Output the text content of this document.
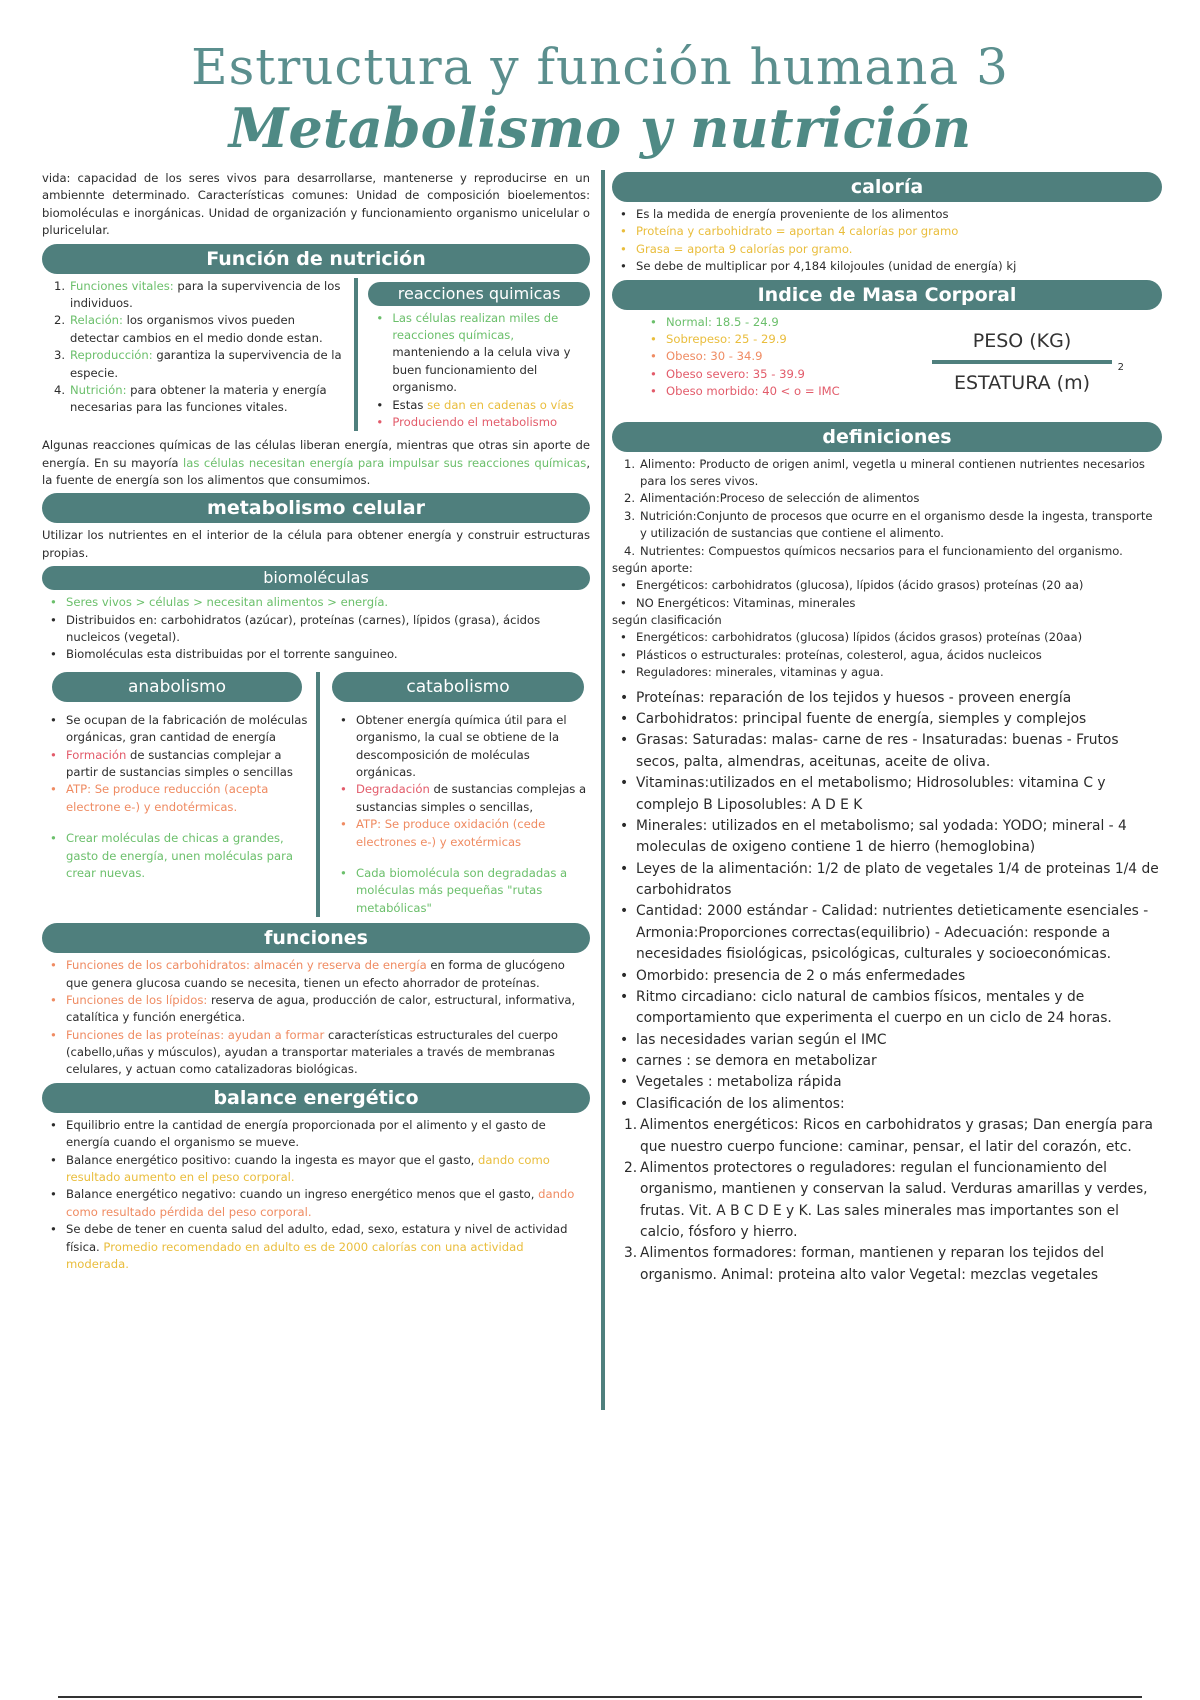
Estructura y función humana 3
Metabolismo y nutrición

vida: capacidad de los seres vivos para desarrollarse, mantenerse y reproducirse en un ambiennte determinado. Características comunes: Unidad de composición bioelementos: biomoléculas e inorgánicas. Unidad de organización y funcionamiento organismo unicelular o pluricelular.

Función de nutrición
1. Funciones vitales: para la supervivencia de los individuos.
2. Relación: los organismos vivos pueden detectar cambios en el medio donde estan.
3. Reproducción: garantiza la supervivencia de la especie.
4. Nutrición: para obtener la materia y energía necesarias para las funciones vitales.
reacciones quimicas
• Las células realizan miles de reacciones químicas, manteniendo a la celula viva y buen funcionamiento del organismo.
• Estas se dan en cadenas o vías
• Produciendo el metabolismo

Algunas reacciones químicas de las células liberan energía, mientras que otras sin aporte de energía. En su mayoría las células necesitan energía para impulsar sus reacciones químicas, la fuente de energía son los alimentos que consumimos.

metabolismo celular

Utilizar los nutrientes en el interior de la célula para obtener energía y construir estructuras propias.

biomoléculas
• Seres vivos > células > necesitan alimentos > energía.
• Distribuidos en: carbohidratos (azúcar), proteínas (carnes), lípidos (grasa), ácidos nucleicos (vegetal).
• Biomoléculas esta distribuidas por el torrente sanguineo.
anabolismo
• Se ocupan de la fabricación de moléculas orgánicas, gran cantidad de energía
• Formación de sustancias complejar a partir de sustancias simples o sencillas
• ATP: Se produce reducción (acepta electrone e-) y endotérmicas.
• Crear moléculas de chicas a grandes, gasto de energía, unen moléculas para crear nuevas.
catabolismo
• Obtener energía química útil para el organismo, la cual se obtiene de la descomposición de moléculas orgánicas.
• Degradación de sustancias complejas a sustancias simples o sencillas,
• ATP: Se produce oxidación (cede electrones e-) y exotérmicas
• Cada biomolécula son degradadas a moléculas más pequeñas "rutas metabólicas"
funciones
• Funciones de los carbohidratos: almacén y reserva de energía en forma de glucógeno que genera glucosa cuando se necesita, tienen un efecto ahorrador de proteínas.
• Funciones de los lípidos: reserva de agua, producción de calor, estructural, informativa, catalítica y función energética.
• Funciones de las proteínas: ayudan a formar características estructurales del cuerpo (cabello,uñas y músculos), ayudan a transportar materiales a través de membranas celulares, y actuan como catalizadoras biológicas.
balance energético
• Equilibrio entre la cantidad de energía proporcionada por el alimento y el gasto de energía cuando el organismo se mueve.
• Balance energético positivo: cuando la ingesta es mayor que el gasto, dando como resultado aumento en el peso corporal.
• Balance energético negativo: cuando un ingreso energético menos que el gasto, dando como resultado pérdida del peso corporal.
• Se debe de tener en cuenta salud del adulto, edad, sexo, estatura y nivel de actividad física. Promedio recomendado en adulto es de 2000 calorías con una actividad moderada.
caloría
• Es la medida de energía proveniente de los alimentos
• Proteína y carbohidrato = aportan 4 calorías por gramo
• Grasa = aporta 9 calorías por gramo.
• Se debe de multiplicar por 4,184 kilojoules (unidad de energía) kj
Indice de Masa Corporal
• Normal: 18.5 - 24.9
• Sobrepeso: 25 - 29.9
• Obeso: 30 - 34.9
• Obeso severo: 35 - 39.9
• Obeso morbido: 40 < o = IMC
PESO (KG)
ESTATURA (m)
2
definiciones
1. Alimento: Producto de origen animl, vegetla u mineral contienen nutrientes necesarios para los seres vivos.
2. Alimentación:Proceso de selección de alimentos
3. Nutrición:Conjunto de procesos que ocurre en el organismo desde la ingesta, transporte y utilización de sustancias que contiene el alimento.
4. Nutrientes: Compuestos químicos necsarios para el funcionamiento del organismo.
según aporte:
• Energéticos: carbohidratos (glucosa), lípidos (ácido grasos) proteínas (20 aa)
• NO Energéticos: Vitaminas, minerales
según clasificación
• Energéticos: carbohidratos (glucosa) lípidos (ácidos grasos) proteínas (20aa)
• Plásticos o estructurales: proteínas, colesterol, agua, ácidos nucleicos
• Reguladores: minerales, vitaminas y agua.
• Proteínas: reparación de los tejidos y huesos - proveen energía
• Carbohidratos: principal fuente de energía, siemples y complejos
• Grasas: Saturadas: malas- carne de res - Insaturadas: buenas - Frutos secos, palta, almendras, aceitunas, aceite de oliva.
• Vitaminas:utilizados en el metabolismo; Hidrosolubles: vitamina C y complejo B Liposolubles: A D E K
• Minerales: utilizados en el metabolismo; sal yodada: YODO; mineral - 4 moleculas de oxigeno contiene 1 de hierro (hemoglobina)
• Leyes de la alimentación: 1/2 de plato de vegetales 1/4 de proteinas 1/4 de carbohidratos
• Cantidad: 2000 estándar - Calidad: nutrientes detieticamente esenciales - Armonia:Proporciones correctas(equilibrio) - Adecuación: responde a necesidades fisiológicas, psicológicas, culturales y socioeconómicas.
• Omorbido: presencia de 2 o más enfermedades
• Ritmo circadiano: ciclo natural de cambios físicos, mentales y de comportamiento que experimenta el cuerpo en un ciclo de 24 horas.
• las necesidades varian según el IMC
• carnes : se demora en metabolizar
• Vegetales : metaboliza rápida
• Clasificación de los alimentos:
1. Alimentos energéticos: Ricos en carbohidratos y grasas; Dan energía para que nuestro cuerpo funcione: caminar, pensar, el latir del corazón, etc.
2. Alimentos protectores o reguladores: regulan el funcionamiento del organismo, mantienen y conservan la salud. Verduras amarillas y verdes, frutas. Vit. A B C D E y K. Las sales minerales mas importantes son el calcio, fósforo y hierro.
3. Alimentos formadores: forman, mantienen y reparan los tejidos del organismo. Animal: proteina alto valor Vegetal: mezclas vegetales
